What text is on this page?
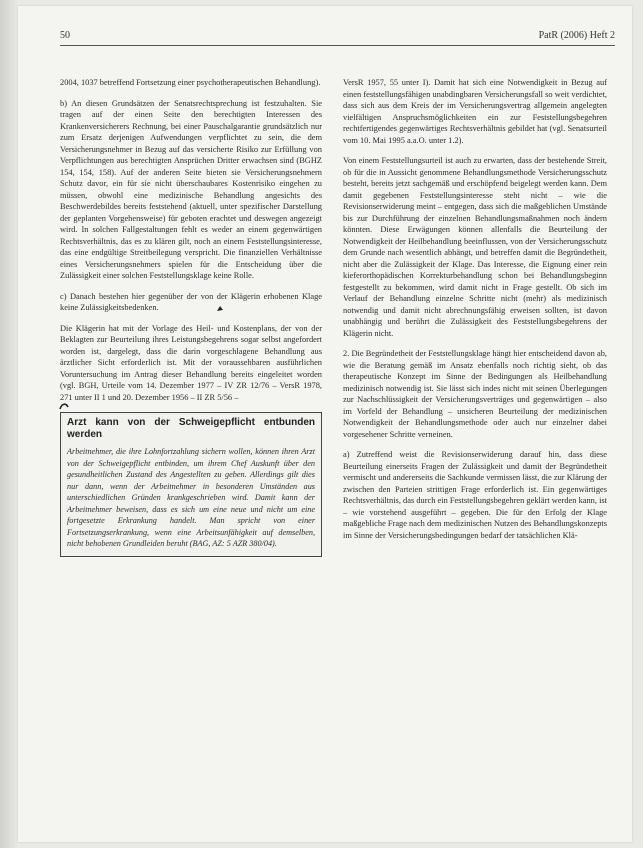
50	PatR (2006) Heft 2

2004, 1037 betreffend Fortsetzung einer psychotherapeutischen Behandlung).

b) An diesen Grundsätzen der Senatsrechtsprechung ist festzuhalten. Sie tragen auf der einen Seite den berechtigten Interessen des Krankenversicherers Rechnung, bei einer Pauschalgarantie grundsätzlich nur zum Ersatz derjenigen Aufwendungen verpflichtet zu sein, die dem Versicherungsnehmer in Bezug auf das versicherte Risiko zur Erfüllung von Verpflichtungen aus berechtigten Ansprüchen Dritter erwachsen sind (BGHZ 154, 154, 158). Auf der anderen Seite bieten sie Versicherungsnehmern Schutz davor, ein für sie nicht überschaubares Kostenrisiko eingehen zu müssen, obwohl eine medizinische Behandlung angesichts des Beschwerdebildes bereits feststehend (aktuell, unter spezifischer Darstellung der geplanten Vorgehensweise) für geboten erachtet und deswegen angezeigt wird. In solchen Fallgestaltungen fehlt es weder an einem gegenwärtigen Rechtsverhältnis, das es zu klären gilt, noch an einem Feststellungsinteresse, das eine endgültige Streitbeilegung verspricht. Die finanziellen Verhältnisse eines Versicherungsnehmers spielen für die Entscheidung über die Zulässigkeit einer solchen Feststellungsklage keine Rolle.

c) Danach bestehen hier gegenüber der von der Klägerin erhobenen Klage keine Zulässigkeitsbedenken.

Die Klägerin hat mit der Vorlage des Heil- und Kostenplans, der von der Beklagten zur Beurteilung ihres Leistungsbegehrens sogar selbst angefordert worden ist, dargelegt, dass die darin vorgeschlagene Behandlung aus ärztlicher Sicht erforderlich ist. Mit der voraussehbaren ausführlichen Voruntersuchung im Antrag dieser Behandlung bereits eingeleitet worden (vgl. BGH, Urteile vom 14. Dezember 1977 – IV ZR 12/76 – VersR 1978, 271 unter II 1 und 20. Dezember 1956 – II ZR 5/56 –

Arzt kann von der Schweigepflicht entbunden werden
Arbeitnehmer, die ihre Lohnfortzahlung sichern wollen, können ihren Arzt von der Schweigepflicht entbinden, um ihrem Chef Auskunft über den gesundheitlichen Zustand des Angestellten zu geben. Allerdings gilt dies nur dann, wenn der Arbeitnehmer in besonderen Umständen aus unterschiedlichen Gründen krankgeschrieben wird. Damit kann der Arbeitnehmer beweisen, dass es sich um eine neue und nicht um eine fortgesetzte Erkrankung handelt. Man spricht von einer Fortsetzungserkrankung, wenn eine Arbeitsunfähigkeit auf demselben, nicht behobenen Grundleiden beruht (BAG, AZ: 5 AZR 380/04).

VersR 1957, 55 unter I). Damit hat sich eine Notwendigkeit in Bezug auf einen feststellungsfähigen unabdingbaren Versicherungsfall so weit verdichtet, dass sich aus dem Kreis der im Versicherungsvertrag allgemein angelegten vielfältigen Anspruchsmöglichkeiten ein zur Feststellungsbegehren rechtfertigendes gegenwärtiges Rechtsverhältnis gebildet hat (vgl. Senatsurteil vom 10. Mai 1995 a.a.O. unter 1.2).

Von einem Feststellungsurteil ist auch zu erwarten, dass der bestehende Streit, ob für die in Aussicht genommene Behandlungsmethode Versicherungsschutz besteht, bereits jetzt sachgemäß und erschöpfend beigelegt werden kann. Dem damit gegebenen Feststellungsinteresse steht nicht – wie die Revisionserwiderung meint – entgegen, dass sich die maßgeblichen Umstände bis zur Durchführung der einzelnen Behandlungsmaßnahmen noch ändern könnten. Diese Erwägungen können allenfalls die Beurteilung der Notwendigkeit der Heilbehandlung beeinflussen, von der Versicherungsschutz dem Grunde nach wesentlich abhängt, und betreffen damit die Begründetheit, nicht aber die Zulässigkeit der Klage. Das Interesse, die Eignung einer rein kieferorthopädischen Korrekturbehandlung schon bei Behandlungsbeginn festgestellt zu bekommen, wird damit nicht in Frage gestellt. Ob sich im Verlauf der Behandlung einzelne Schritte nicht (mehr) als medizinisch notwendig und damit nicht abrechnungsfähig erweisen sollten, ist davon unabhängig und berührt die Zulässigkeit des Feststellungsbegehrens der Klägerin nicht.

2. Die Begründetheit der Feststellungsklage hängt hier entscheidend davon ab, wie die Beratung gemäß im Ansatz ebenfalls noch richtig sieht, ob das therapeutische Konzept im Sinne der Bedingungen als Heilbehandlung medizinisch notwendig ist. Sie lässt sich indes nicht mit seinen Überlegungen zur Nachschlüssigkeit der Versicherungsverträges und gegenwärtigen – also im Vorfeld der Behandlung – unsicheren Beurteilung der medizinischen Notwendigkeit der Behandlungsmethode oder auch nur einzelner dabei vorgesehener Schritte verneinen.

a) Zutreffend weist die Revisionserwiderung darauf hin, dass diese Beurteilung einerseits Fragen der Zulässigkeit und damit der Begründetheit vermischt und andererseits die Sachkunde vermissen lässt, die zur Klärung der zwischen den Parteien strittigen Frage erforderlich ist. Ein gegenwärtiges Rechtsverhältnis, das durch ein Feststellungsbegehren geklärt werden kann, ist – wie vorstehend ausgeführt – gegeben. Die für den Erfolg der Klage maßgebliche Frage nach dem medizinischen Nutzen des Behandlungskonzepts im Sinne der Versicherungsbedingungen bedarf der tatsächlichen Klä-
